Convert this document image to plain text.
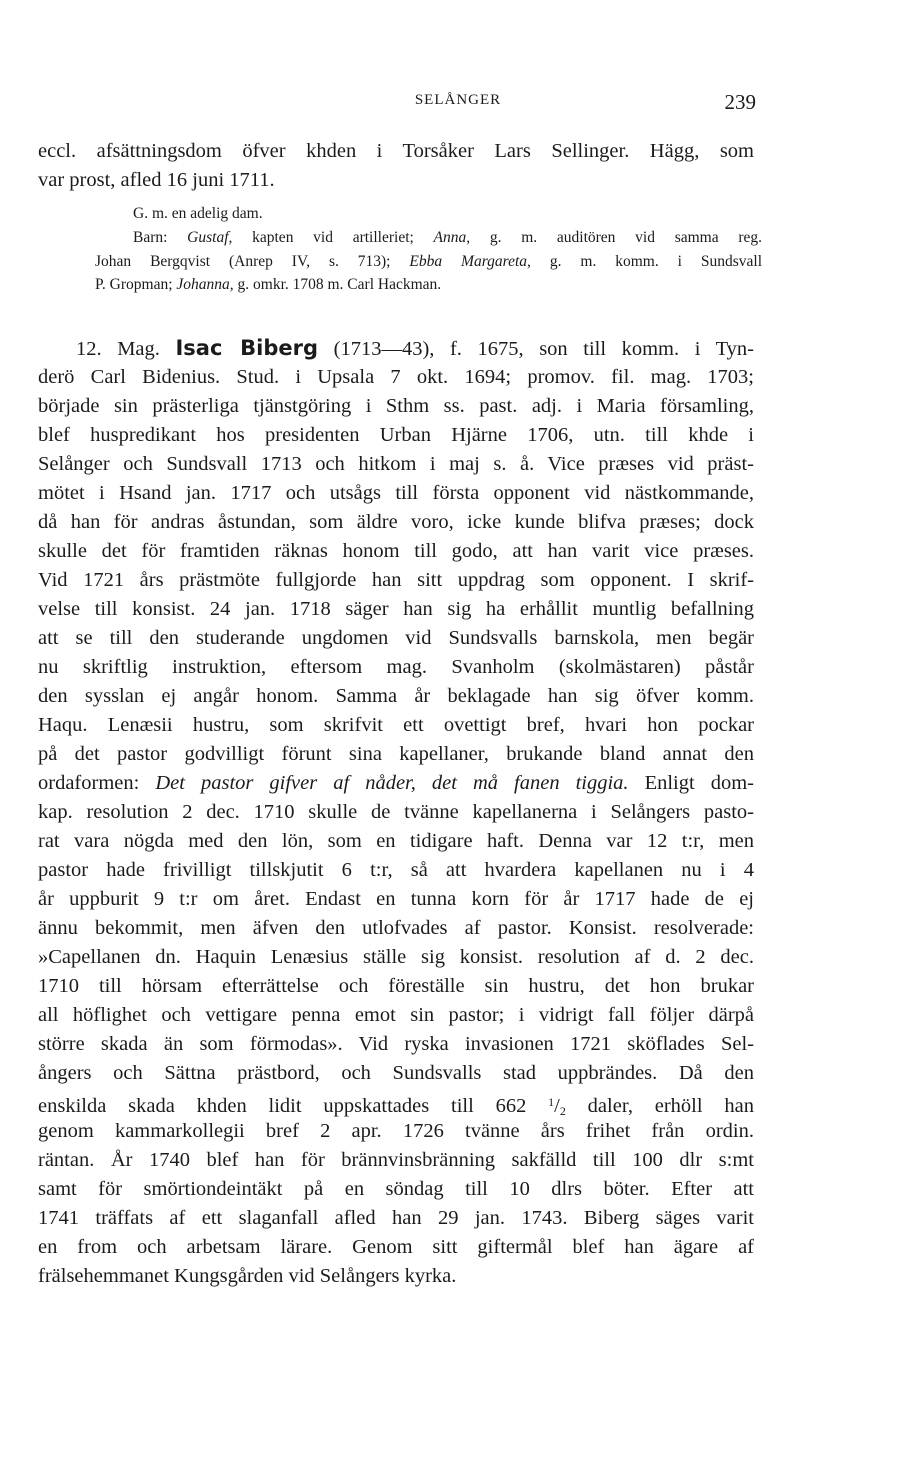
SELÅNGER	239
eccl. afsättningsdom öfver khden i Torsåker Lars Sellinger. Hägg, som
var prost, afled 16 juni 1711.
G. m. en adelig dam.
Barn: Gustaf, kapten vid artilleriet; Anna, g. m. auditören vid samma reg.
Johan Bergqvist (Anrep IV, s. 713); Ebba Margareta, g. m. komm. i Sundsvall
P. Gropman; Johanna, g. omkr. 1708 m. Carl Hackman.
12. Mag. Isac Biberg (1713—43), f. 1675, son till komm. i Tyn-
derö Carl Bidenius. Stud. i Upsala 7 okt. 1694; promov. fil. mag. 1703;
började sin prästerliga tjänstgöring i Sthm ss. past. adj. i Maria församling,
blef huspredikant hos presidenten Urban Hjärne 1706, utn. till khde i
Selånger och Sundsvall 1713 och hitkom i maj s. å. Vice præses vid präst-
mötet i Hsand jan. 1717 och utsågs till första opponent vid nästkommande,
då han för andras åstundan, som äldre voro, icke kunde blifva præses; dock
skulle det för framtiden räknas honom till godo, att han varit vice præses.
Vid 1721 års prästmöte fullgjorde han sitt uppdrag som opponent. I skrif-
velse till konsist. 24 jan. 1718 säger han sig ha erhållit muntlig befallning
att se till den studerande ungdomen vid Sundsvalls barnskola, men begär
nu skriftlig instruktion, eftersom mag. Svanholm (skolmästaren) påstår
den sysslan ej angår honom. Samma år beklagade han sig öfver komm.
Haqu. Lenæsii hustru, som skrifvit ett ovettigt bref, hvari hon pockar
på det pastor godvilligt förunt sina kapellaner, brukande bland annat den
ordaformen: Det pastor gifver af nåder, det må fanen tiggia. Enligt dom-
kap. resolution 2 dec. 1710 skulle de tvänne kapellanerna i Selångers pasto-
rat vara nögda med den lön, som en tidigare haft. Denna var 12 t:r, men
pastor hade frivilligt tillskjutit 6 t:r, så att hvardera kapellanen nu i 4
år uppburit 9 t:r om året. Endast en tunna korn för år 1717 hade de ej
ännu bekommit, men äfven den utlofvades af pastor. Konsist. resolverade:
»Capellanen dn. Haquin Lenæsius ställe sig konsist. resolution af d. 2 dec.
1710 till hörsam efterrättelse och föreställe sin hustru, det hon brukar
all höflighet och vettigare penna emot sin pastor; i vidrigt fall följer därpå
större skada än som förmodas». Vid ryska invasionen 1721 sköflades Sel-
ångers och Sättna prästbord, och Sundsvalls stad uppbrändes. Då den
enskilda skada khden lidit uppskattades till 662 $^1/_2$ daler, erhöll han
genom kammarkollegii bref 2 apr. 1726 tvänne års frihet från ordin.
räntan. År 1740 blef han för brännvinsbränning sakfälld till 100 dlr s:mt
samt för smörtiondeintäkt på en söndag till 10 dlrs böter. Efter att
1741 träffats af ett slaganfall afled han 29 jan. 1743. Biberg säges varit
en from och arbetsam lärare. Genom sitt giftermål blef han ägare af
frälsehemmanet Kungsgården vid Selångers kyrka.
